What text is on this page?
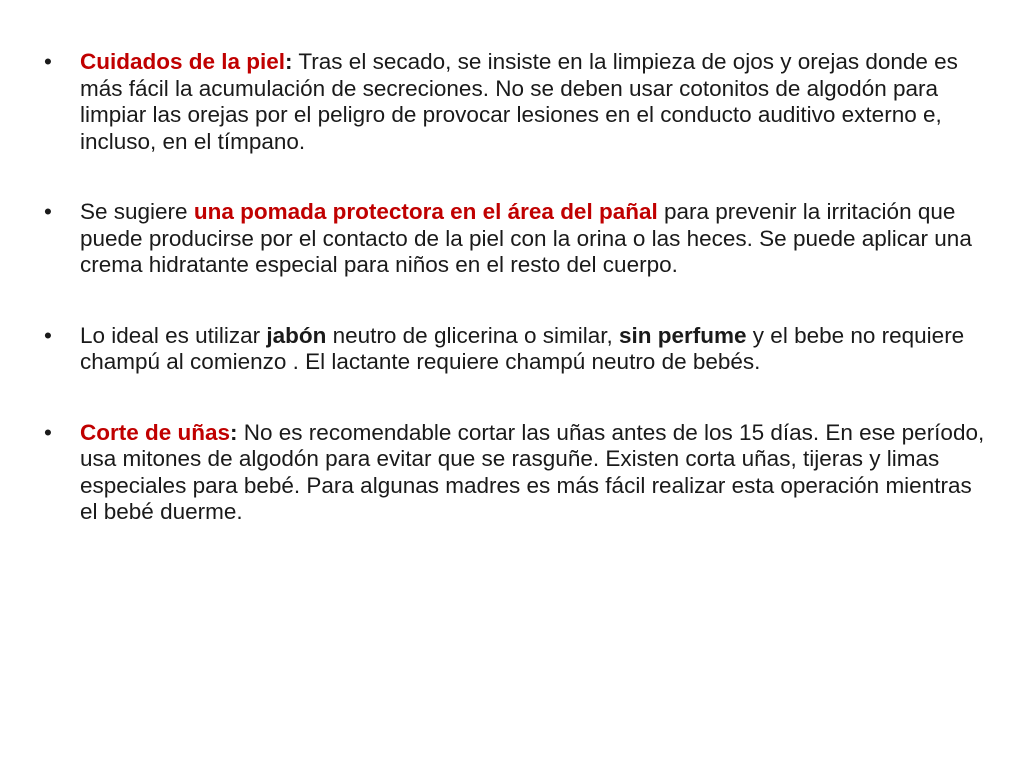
•	Cuidados de la piel: Tras el secado, se insiste en la limpieza de ojos y orejas donde es más fácil la acumulación de secreciones. No se deben usar cotonitos de algodón para limpiar las orejas por el peligro de provocar lesiones en el conducto auditivo externo e, incluso, en el tímpano.
•	Se sugiere una pomada protectora en el área del pañal para prevenir la irritación que puede producirse por el contacto de la piel con la orina o las heces. Se puede aplicar una crema hidratante especial para niños en el resto del cuerpo.
•	Lo ideal es utilizar jabón neutro de glicerina o similar, sin perfume y el bebe no requiere champú al comienzo . El lactante requiere champú neutro de bebés.
•	Corte de uñas: No es recomendable cortar las uñas antes de los 15 días. En ese período, usa mitones de algodón para evitar que se rasguñe. Existen corta uñas, tijeras y limas especiales para bebé. Para algunas madres es más fácil realizar esta operación mientras el bebé duerme.
